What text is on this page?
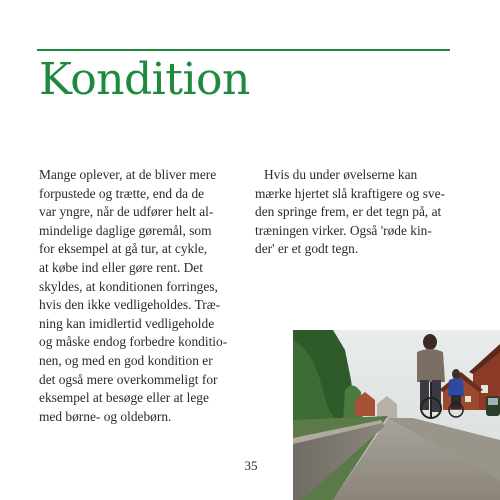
Kondition
Mange oplever, at de bliver mere
forpustede og trætte, end da de
var yngre, når de udfører helt al-
mindelige daglige gøremål, som
for eksempel at gå tur, at cykle,
at købe ind eller gøre rent. Det
skyldes, at konditionen forringes,
hvis den ikke vedligeholdes. Træ-
ning kan imidlertid vedligeholde
og måske endog forbedre konditio-
nen, og med en god kondition er
det også mere overkommeligt for
eksempel at besøge eller at lege
med børne- og oldebørn.
Hvis du under øvelserne kan
mærke hjertet slå kraftigere og sve-
den springe frem, er det tegn på, at
træningen virker. Også 'røde kin-
der' er et godt tegn.
35
